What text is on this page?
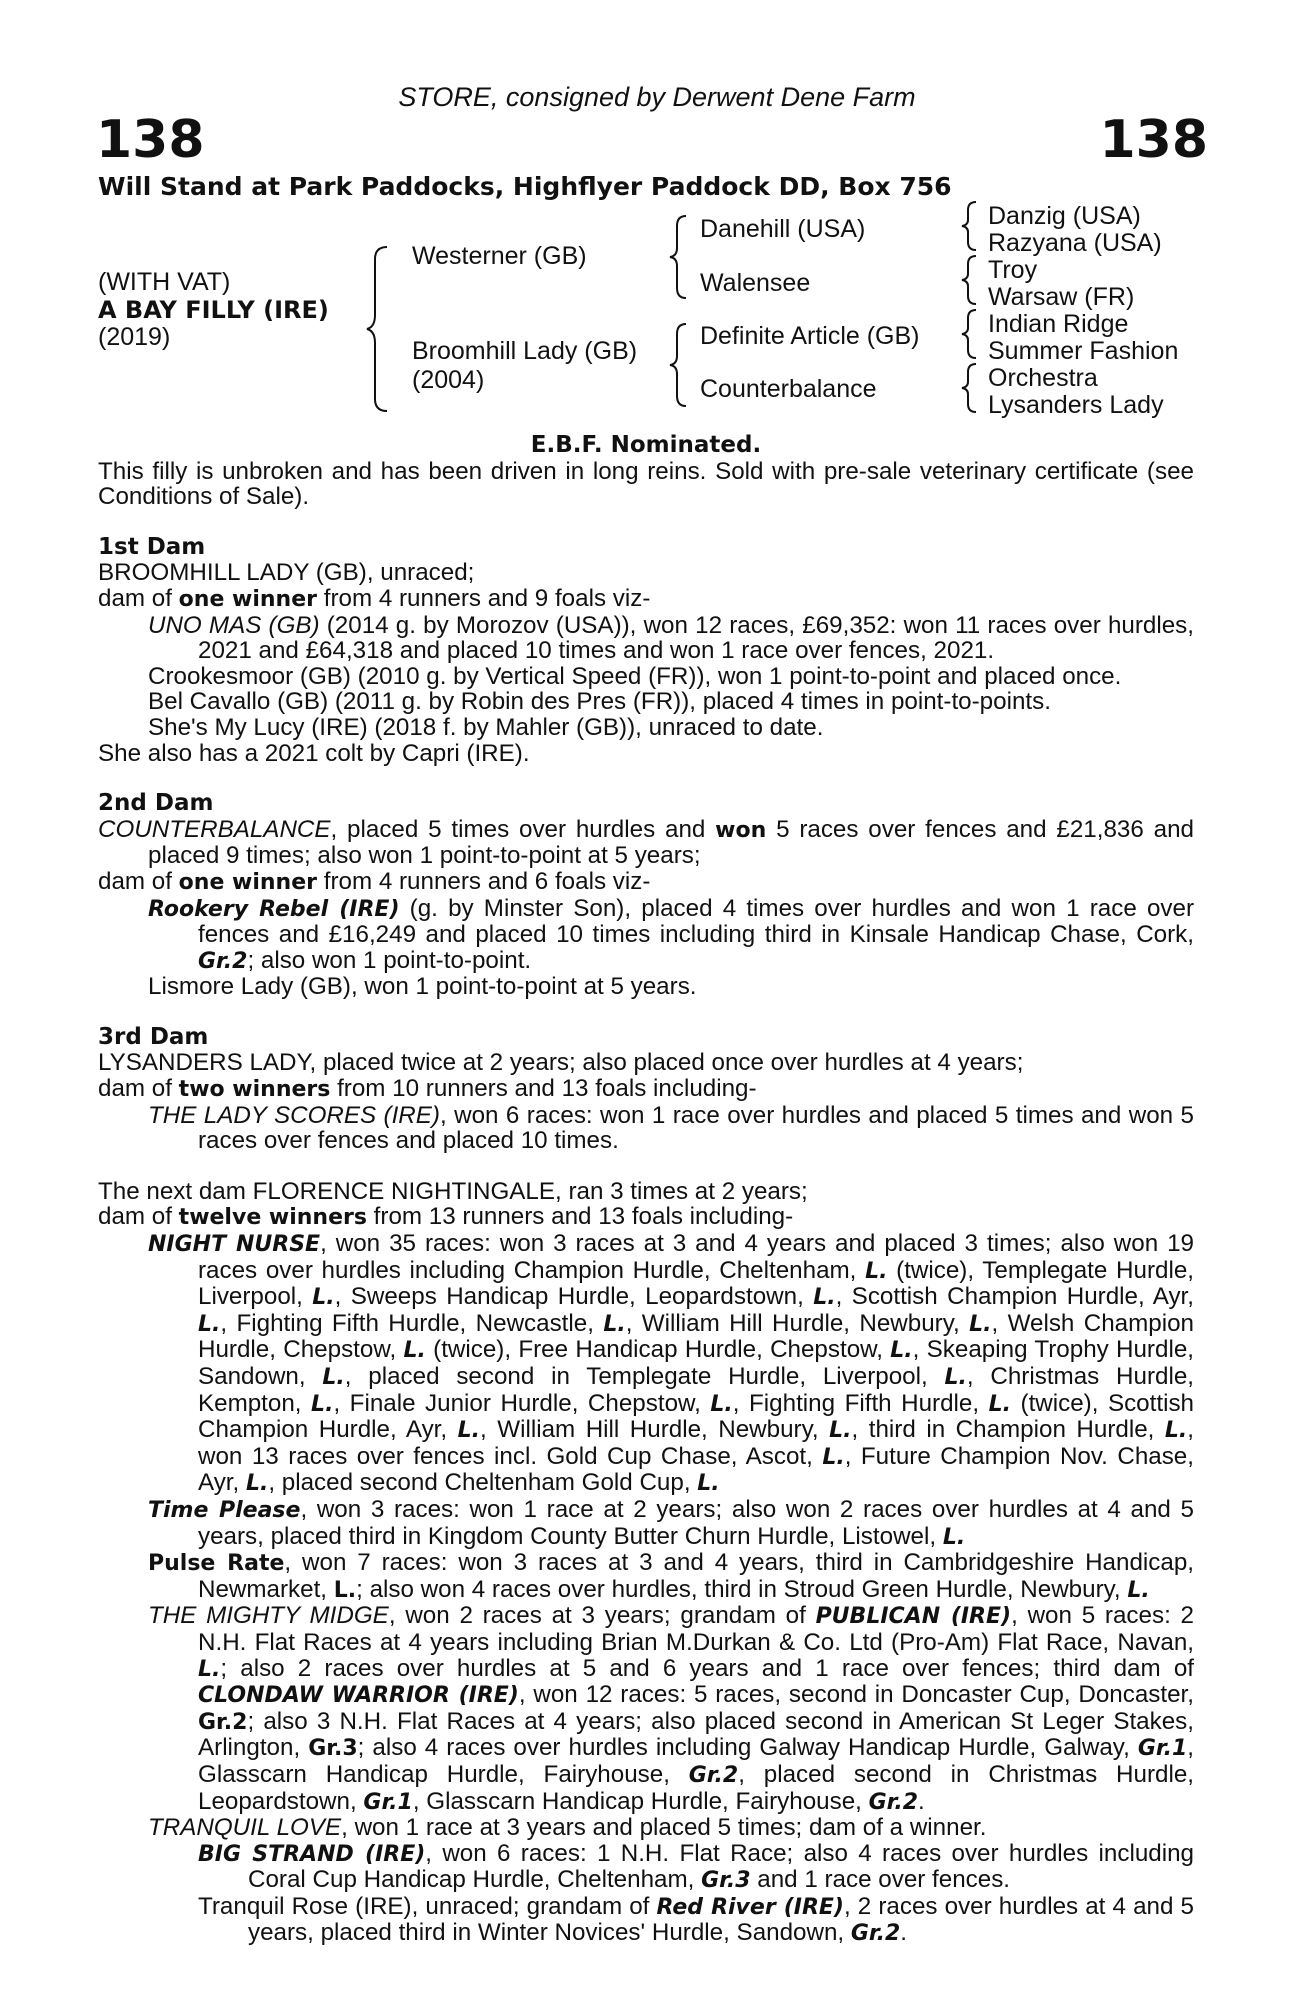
STORE, consigned by Derwent Dene Farm
138	138
Will Stand at Park Paddocks, Highflyer Paddock DD, Box 756
(WITH VAT)
A BAY FILLY (IRE)
(2019)
Westerner (GB)
Broomhill Lady (GB)
(2004)
Danehill (USA)
Walensee
Definite Article (GB)
Counterbalance
Danzig (USA)
Razyana (USA)
Troy
Warsaw (FR)
Indian Ridge
Summer Fashion
Orchestra
Lysanders Lady

E.B.F. Nominated.

This filly is unbroken and has been driven in long reins. Sold with pre-sale veterinary certificate (see Conditions of Sale).

1st Dam

BROOMHILL LADY (GB), unraced;

dam of one winner from 4 runners and 9 foals viz-

UNO MAS (GB) (2014 g. by Morozov (USA)), won 12 races, £69,352: won 11 races over hurdles, 2021 and £64,318 and placed 10 times and won 1 race over fences, 2021.

Crookesmoor (GB) (2010 g. by Vertical Speed (FR)), won 1 point-to-point and placed once.

Bel Cavallo (GB) (2011 g. by Robin des Pres (FR)), placed 4 times in point-to-points.

She's My Lucy (IRE) (2018 f. by Mahler (GB)), unraced to date.

She also has a 2021 colt by Capri (IRE).

2nd Dam

COUNTERBALANCE, placed 5 times over hurdles and won 5 races over fences and £21,836 and placed 9 times; also won 1 point-to-point at 5 years;

dam of one winner from 4 runners and 6 foals viz-

Rookery Rebel (IRE) (g. by Minster Son), placed 4 times over hurdles and won 1 race over fences and £16,249 and placed 10 times including third in Kinsale Handicap Chase, Cork, Gr.2; also won 1 point-to-point.

Lismore Lady (GB), won 1 point-to-point at 5 years.

3rd Dam

LYSANDERS LADY, placed twice at 2 years; also placed once over hurdles at 4 years;

dam of two winners from 10 runners and 13 foals including-

THE LADY SCORES (IRE), won 6 races: won 1 race over hurdles and placed 5 times and won 5 races over fences and placed 10 times.

The next dam FLORENCE NIGHTINGALE, ran 3 times at 2 years;

dam of twelve winners from 13 runners and 13 foals including-

NIGHT NURSE, won 35 races: won 3 races at 3 and 4 years and placed 3 times; also won 19 races over hurdles including Champion Hurdle, Cheltenham, L. (twice), Templegate Hurdle, Liverpool, L., Sweeps Handicap Hurdle, Leopardstown, L., Scottish Champion Hurdle, Ayr, L., Fighting Fifth Hurdle, Newcastle, L., William Hill Hurdle, Newbury, L., Welsh Champion Hurdle, Chepstow, L. (twice), Free Handicap Hurdle, Chepstow, L., Skeaping Trophy Hurdle, Sandown, L., placed second in Templegate Hurdle, Liverpool, L., Christmas Hurdle, Kempton, L., Finale Junior Hurdle, Chepstow, L., Fighting Fifth Hurdle, L. (twice), Scottish Champion Hurdle, Ayr, L., William Hill Hurdle, Newbury, L., third in Champion Hurdle, L., won 13 races over fences incl. Gold Cup Chase, Ascot, L., Future Champion Nov. Chase, Ayr, L., placed second Cheltenham Gold Cup, L.

Time Please, won 3 races: won 1 race at 2 years; also won 2 races over hurdles at 4 and 5 years, placed third in Kingdom County Butter Churn Hurdle, Listowel, L.

Pulse Rate, won 7 races: won 3 races at 3 and 4 years, third in Cambridgeshire Handicap, Newmarket, L.; also won 4 races over hurdles, third in Stroud Green Hurdle, Newbury, L.

THE MIGHTY MIDGE, won 2 races at 3 years; grandam of PUBLICAN (IRE), won 5 races: 2 N.H. Flat Races at 4 years including Brian M.Durkan & Co. Ltd (Pro-Am) Flat Race, Navan, L.; also 2 races over hurdles at 5 and 6 years and 1 race over fences; third dam of CLONDAW WARRIOR (IRE), won 12 races: 5 races, second in Doncaster Cup, Doncaster, Gr.2; also 3 N.H. Flat Races at 4 years; also placed second in American St Leger Stakes, Arlington, Gr.3; also 4 races over hurdles including Galway Handicap Hurdle, Galway, Gr.1, Glasscarn Handicap Hurdle, Fairyhouse, Gr.2, placed second in Christmas Hurdle, Leopardstown, Gr.1, Glasscarn Handicap Hurdle, Fairyhouse, Gr.2.

TRANQUIL LOVE, won 1 race at 3 years and placed 5 times; dam of a winner.

BIG STRAND (IRE), won 6 races: 1 N.H. Flat Race; also 4 races over hurdles including Coral Cup Handicap Hurdle, Cheltenham, Gr.3 and 1 race over fences.

Tranquil Rose (IRE), unraced; grandam of Red River (IRE), 2 races over hurdles at 4 and 5 years, placed third in Winter Novices' Hurdle, Sandown, Gr.2.
